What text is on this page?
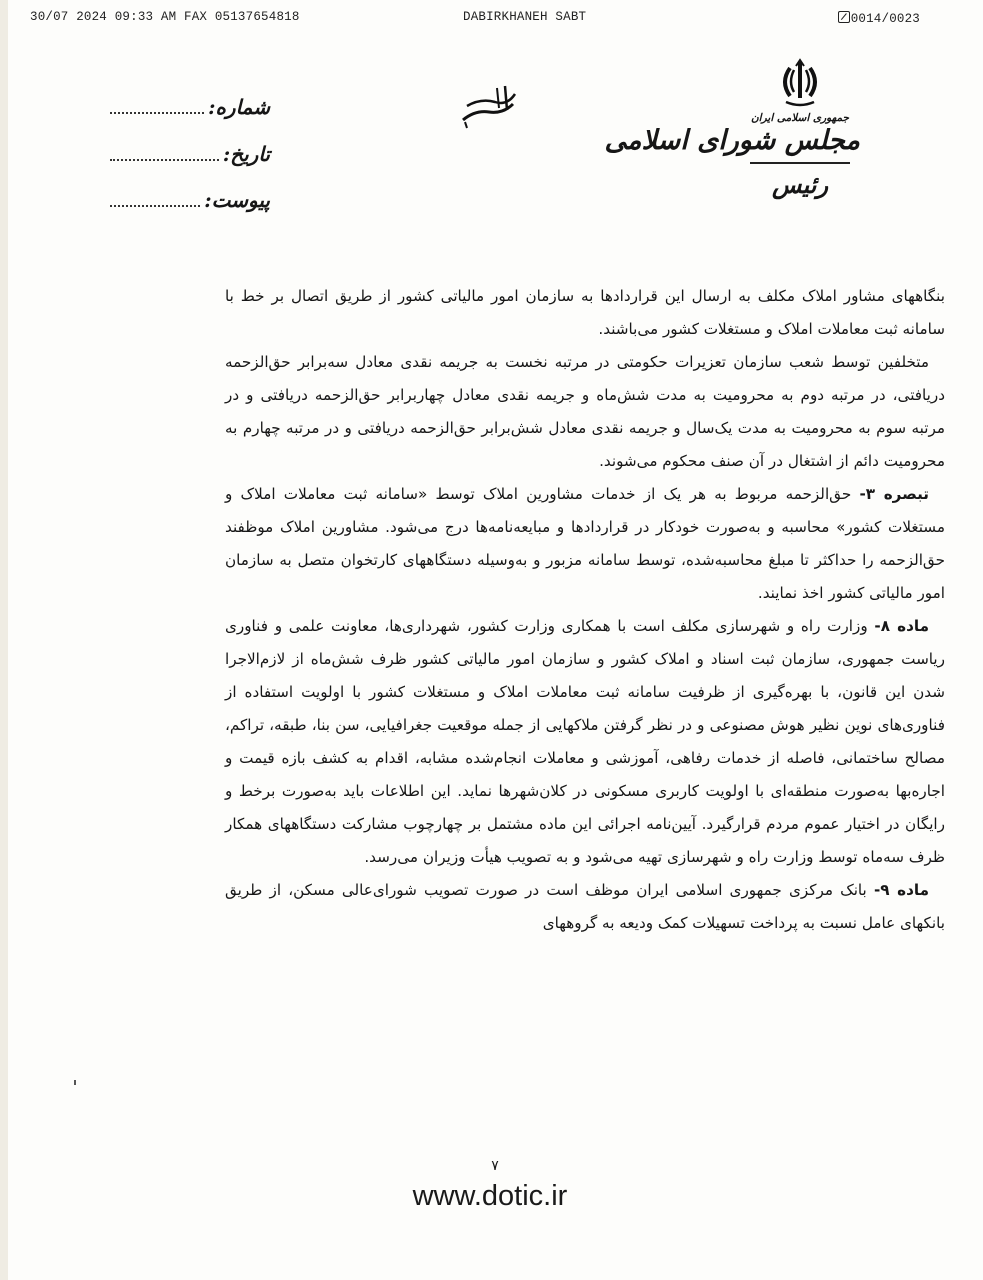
30/07 2024 09:33 AM FAX 05137654818	DABIRKHANEH SABT	0014/0023
شماره:
تاریخ:
پیوست:
جمهوری اسلامی ایران
مجلس شورای اسلامی
رئیس

بنگاههای مشاور املاک مکلف به ارسال این قراردادها به سازمان امور مالیاتی کشور از طریق اتصال بر خط با سامانه ثبت معاملات املاک و مستغلات کشور می‌باشند.

متخلفین توسط شعب سازمان تعزیرات حکومتی در مرتبه نخست به جریمه نقدی معادل سه‌برابر حق‌الزحمه دریافتی، در مرتبه دوم به محرومیت به مدت شش‌ماه و جریمه نقدی معادل چهاربرابر حق‌الزحمه دریافتی و در مرتبه سوم به محرومیت به مدت یک‌سال و جریمه نقدی معادل شش‌برابر حق‌الزحمه دریافتی و در مرتبه چهارم به محرومیت دائم از اشتغال در آن صنف محکوم می‌شوند.

تبصره ۳- حق‌الزحمه مربوط به هر یک از خدمات مشاورین املاک توسط «سامانه ثبت معاملات املاک و مستغلات کشور» محاسبه و به‌صورت خودکار در قراردادها و مبایعه‌نامه‌ها درج می‌شود. مشاورین املاک موظفند حق‌الزحمه را حداکثر تا مبلغ محاسبه‌شده، توسط سامانه مزبور و به‌وسیله دستگاههای کارتخوان متصل به سازمان امور مالیاتی کشور اخذ نمایند.

ماده ۸- وزارت راه و شهرسازی مکلف است با همکاری وزارت کشور، شهرداری‌ها، معاونت علمی و فناوری ریاست جمهوری، سازمان ثبت اسناد و املاک کشور و سازمان امور مالیاتی کشور ظرف شش‌ماه از لازم‌الاجرا شدن این قانون، با بهره‌گیری از ظرفیت سامانه ثبت معاملات املاک و مستغلات کشور با اولویت استفاده از فناوری‌های نوین نظیر هوش مصنوعی و در نظر گرفتن ملاکهایی از جمله موقعیت جغرافیایی، سن بنا، طبقه، تراکم، مصالح ساختمانی، فاصله از خدمات رفاهی، آموزشی و معاملات انجام‌شده مشابه، اقدام به کشف بازه قیمت و اجاره‌بها به‌صورت منطقه‌ای با اولویت کاربری مسکونی در کلان‌شهرها نماید. این اطلاعات باید به‌صورت برخط و رایگان در اختیار عموم مردم قرارگیرد. آیین‌نامه اجرائی این ماده مشتمل بر چهارچوب مشارکت دستگاههای همکار ظرف سه‌ماه توسط وزارت راه و شهرسازی تهیه می‌شود و به تصویب هیأت وزیران می‌رسد.

ماده ۹- بانک مرکزی جمهوری اسلامی ایران موظف است در صورت تصویب شورای‌عالی مسکن، از طریق بانکهای عامل نسبت به پرداخت تسهیلات کمک ودیعه به گروههای

۷
www.dotic.ir
